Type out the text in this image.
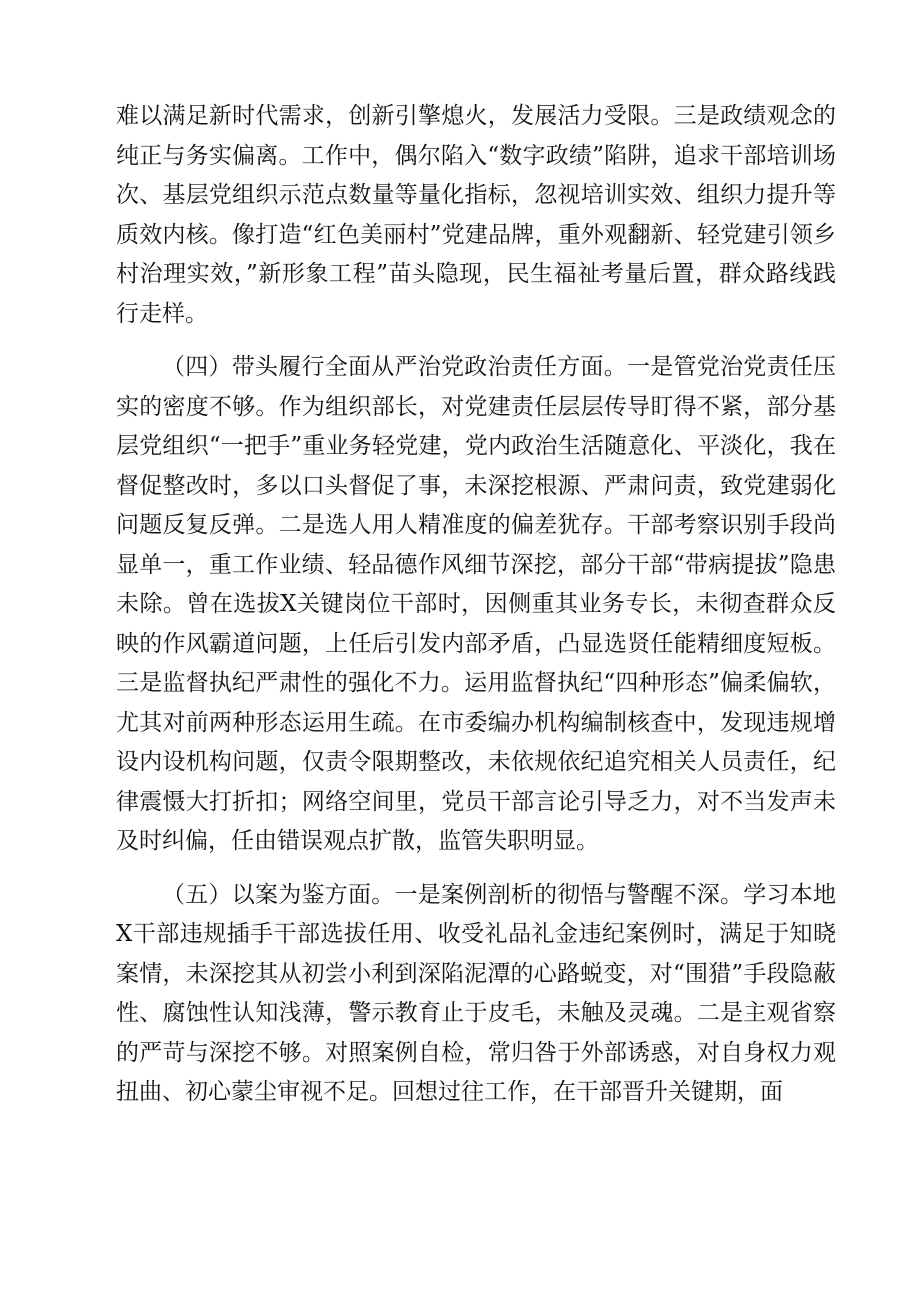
难以满足新时代需求，创新引擎熄火，发展活力受限。三是政绩观念的纯正与务实偏离。工作中，偶尔陷入“数字政绩”陷阱，追求干部培训场次、基层党组织示范点数量等量化指标，忽视培训实效、组织力提升等质效内核。像打造“红色美丽村”党建品牌，重外观翻新、轻党建引领乡村治理实效，”新形象工程”苗头隐现，民生福祉考量后置，群众路线践行走样。

（四）带头履行全面从严治党政治责任方面。一是管党治党责任压实的密度不够。作为组织部长，对党建责任层层传导盯得不紧，部分基层党组织“一把手”重业务轻党建，党内政治生活随意化、平淡化，我在督促整改时，多以口头督促了事，未深挖根源、严肃问责，致党建弱化问题反复反弹。二是选人用人精准度的偏差犹存。干部考察识别手段尚显单一，重工作业绩、轻品德作风细节深挖，部分干部“带病提拔”隐患未除。曾在选拔X关键岗位干部时，因侧重其业务专长，未彻查群众反映的作风霸道问题，上任后引发内部矛盾，凸显选贤任能精细度短板。三是监督执纪严肃性的强化不力。运用监督执纪“四种形态”偏柔偏软，尤其对前两种形态运用生疏。在市委编办机构编制核查中，发现违规增设内设机构问题，仅责令限期整改，未依规依纪追究相关人员责任，纪律震慑大打折扣；网络空间里，党员干部言论引导乏力，对不当发声未及时纠偏，任由错误观点扩散，监管失职明显。

（五）以案为鉴方面。一是案例剖析的彻悟与警醒不深。学习本地X干部违规插手干部选拔任用、收受礼品礼金违纪案例时，满足于知晓案情，未深挖其从初尝小利到深陷泥潭的心路蜕变，对“围猎”手段隐蔽性、腐蚀性认知浅薄，警示教育止于皮毛，未触及灵魂。二是主观省察的严苛与深挖不够。对照案例自检，常归咎于外部诱惑，对自身权力观扭曲、初心蒙尘审视不足。回想过往工作，在干部晋升关键期，面
